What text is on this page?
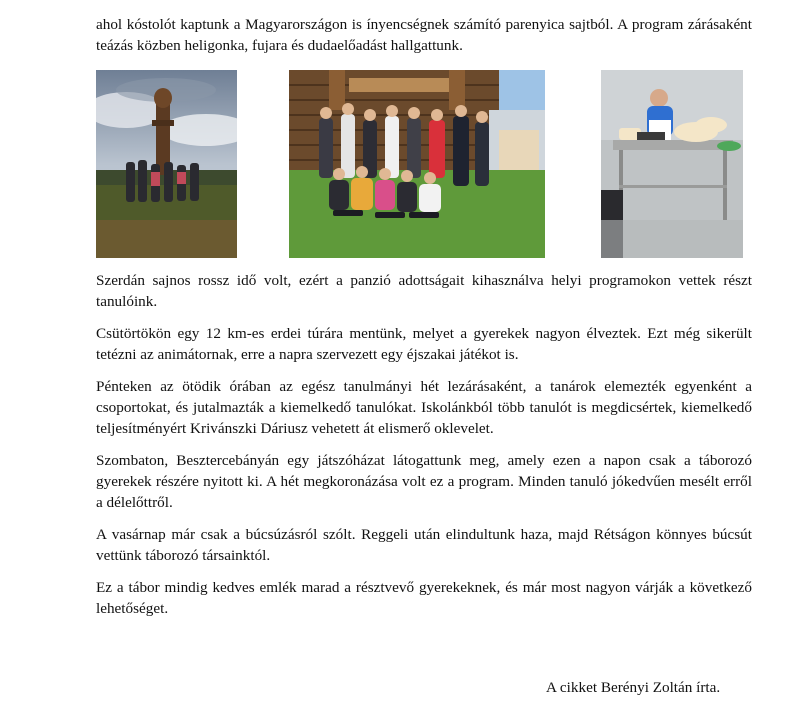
ahol kóstolót kaptunk a Magyarországon is ínyencségnek számító parenyica sajtból. A program zárásaként teázás közben heligonka, fujara és dudaelőadást hallgattunk.

Szerdán sajnos rossz idő volt, ezért a panzió adottságait kihasználva helyi programokon vettek részt tanulóink.

Csütörtökön egy 12 km-es erdei túrára mentünk, melyet a gyerekek nagyon élveztek. Ezt még sikerült tetézni az animátornak, erre a napra szervezett egy éjszakai játékot is.

Pénteken az ötödik órában az egész tanulmányi hét lezárásaként, a tanárok elemezték egyenként a csoportokat, és jutalmazták a kiemelkedő tanulókat. Iskolánkból több tanulót is megdicsértek, kiemelkedő teljesítményért Krivánszki Dáriusz vehetett át elismerő oklevelet.

Szombaton, Besztercebányán egy játszóházat látogattunk meg, amely ezen a napon csak a táborozó gyerekek részére nyitott ki. A hét megkoronázása volt ez a program. Minden tanuló jókedvűen mesélt erről a délelőttről.

A vasárnap már csak a búcsúzásról szólt. Reggeli után elindultunk haza, majd Rétságon könnyes búcsút vettünk táborozó társainktól.

Ez a tábor mindig kedves emlék marad a résztvevő gyerekeknek, és már most nagyon várják a következő lehetőséget.

A cikket Berényi Zoltán írta.
